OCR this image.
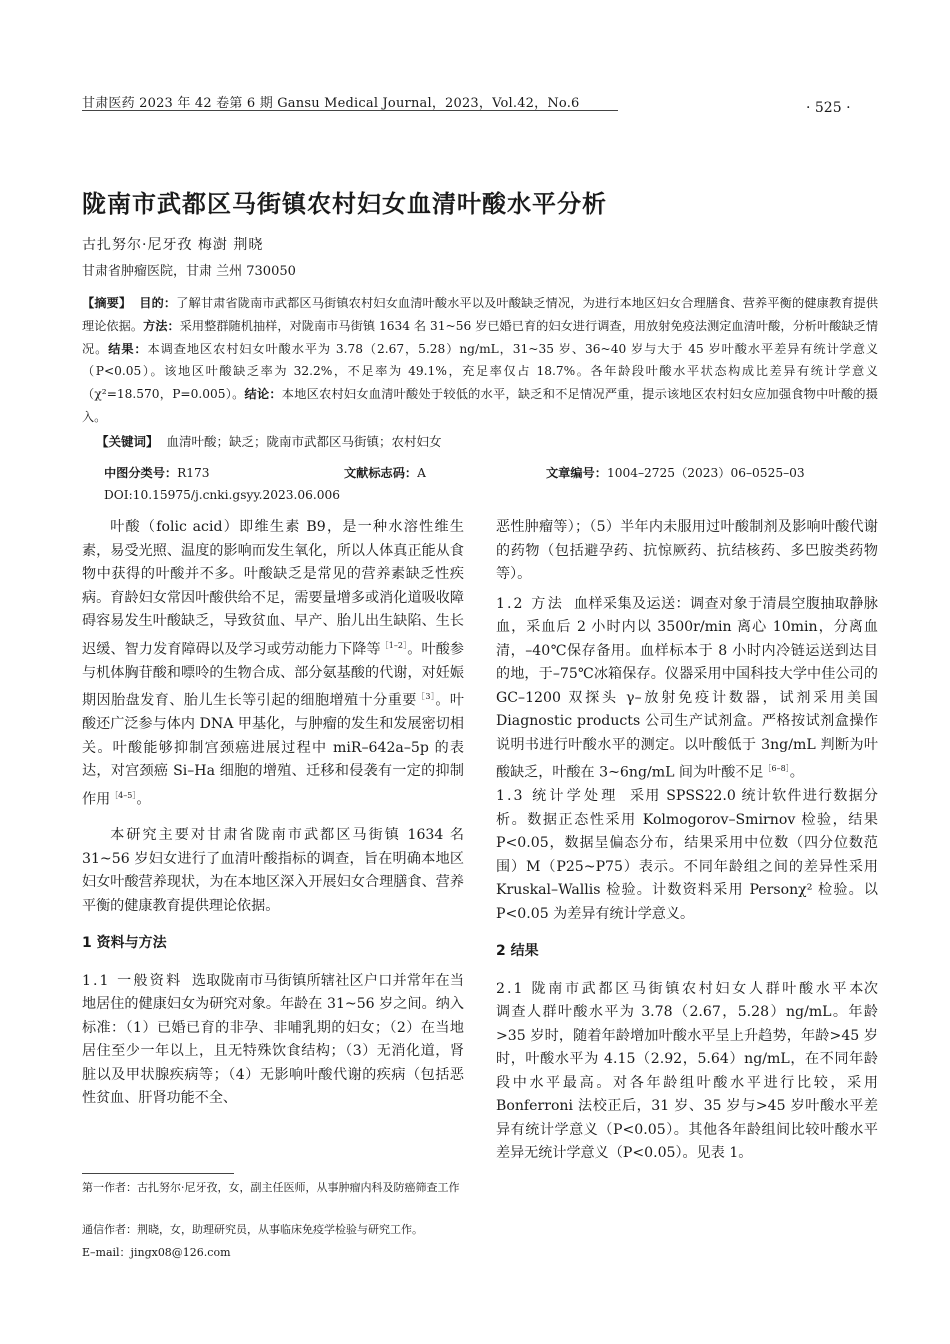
甘肃医药 2023 年 42 卷第 6 期 Gansu Medical Journal，2023，Vol.42，No.6	· 525 ·
陇南市武都区马街镇农村妇女血清叶酸水平分析
古扎努尔·尼牙孜 梅澍 荆晓
甘肃省肿瘤医院，甘肃 兰州 730050
【摘要】 目的：了解甘肃省陇南市武都区马街镇农村妇女血清叶酸水平以及叶酸缺乏情况，为进行本地区妇女合理膳食、营养平衡的健康教育提供理论依据。方法：采用整群随机抽样，对陇南市马街镇 1634 名 31~56 岁已婚已育的妇女进行调查，用放射免疫法测定血清叶酸，分析叶酸缺乏情况。结果：本调查地区农村妇女叶酸水平为 3.78（2.67，5.28）ng/mL，31~35 岁、36~40 岁与大于 45 岁叶酸水平差异有统计学意义（P<0.05）。该地区叶酸缺乏率为 32.2%，不足率为 49.1%，充足率仅占 18.7%。各年龄段叶酸水平状态构成比差异有统计学意义（χ²=18.570，P=0.005）。结论：本地区农村妇女血清叶酸处于较低的水平，缺乏和不足情况严重，提示该地区农村妇女应加强食物中叶酸的摄入。
【关键词】 血清叶酸；缺乏；陇南市武都区马街镇；农村妇女
中图分类号：R173	文献标志码：A	文章编号：1004–2725（2023）06–0525–03
DOI:10.15975/j.cnki.gsyy.2023.06.006

叶酸（folic acid）即维生素 B9，是一种水溶性维生素，易受光照、温度的影响而发生氧化，所以人体真正能从食物中获得的叶酸并不多。叶酸缺乏是常见的营养素缺乏性疾病。育龄妇女常因叶酸供给不足，需要量增多或消化道吸收障碍容易发生叶酸缺乏，导致贫血、早产、胎儿出生缺陷、生长迟缓、智力发育障碍以及学习或劳动能力下降等$^{[1-2]}$。叶酸参与机体胸苷酸和嘌呤的生物合成、部分氨基酸的代谢，对妊娠期因胎盘发育、胎儿生长等引起的细胞增殖十分重要$^{[3]}$。叶酸还广泛参与体内 DNA 甲基化，与肿瘤的发生和发展密切相关。叶酸能够抑制宫颈癌进展过程中 miR–642a–5p 的表达，对宫颈癌 Si–Ha 细胞的增殖、迁移和侵袭有一定的抑制作用$^{[4-5]}$。

本研究主要对甘肃省陇南市武都区马街镇 1634 名 31~56 岁妇女进行了血清叶酸指标的调查，旨在明确本地区妇女叶酸营养现状，为在本地区深入开展妇女合理膳食、营养平衡的健康教育提供理论依据。

1 资料与方法

1.1 一般资料 选取陇南市马街镇所辖社区户口并常年在当地居住的健康妇女为研究对象。年龄在 31~56 岁之间。纳入标准：（1）已婚已育的非孕、非哺乳期的妇女；（2）在当地居住至少一年以上，且无特殊饮食结构；（3）无消化道，肾脏以及甲状腺疾病等；（4）无影响叶酸代谢的疾病（包括恶性贫血、肝肾功能不全、

第一作者：古扎努尔·尼牙孜，女，副主任医师，从事肿瘤内科及防癌筛查工作
通信作者：荆晓，女，助理研究员，从事临床免疫学检验与研究工作。
E–mail：jingx08@126.com

恶性肿瘤等）；（5）半年内未服用过叶酸制剂及影响叶酸代谢的药物（包括避孕药、抗惊厥药、抗结核药、多巴胺类药物等）。

1.2 方法 血样采集及运送：调查对象于清晨空腹抽取静脉血，采血后 2 小时内以 3500r/min 离心 10min，分离血清，–40℃保存备用。血样标本于 8 小时内冷链运送到达目的地，于–75℃冰箱保存。仪器采用中国科技大学中佳公司的 GC–1200 双探头 γ–放射免疫计数器，试剂采用美国 Diagnostic products 公司生产试剂盒。严格按试剂盒操作说明书进行叶酸水平的测定。以叶酸低于 3ng/mL 判断为叶酸缺乏，叶酸在 3~6ng/mL 间为叶酸不足$^{[6-8]}$。

1.3 统计学处理 采用 SPSS22.0 统计软件进行数据分析。数据正态性采用 Kolmogorov–Smirnov 检验，结果 P<0.05，数据呈偏态分布，结果采用中位数（四分位数范围）M（P25~P75）表示。不同年龄组之间的差异性采用 Kruskal–Wallis 检验。计数资料采用 Personχ² 检验。以 P<0.05 为差异有统计学意义。

2 结果

2.1 陇南市武都区马街镇农村妇女人群叶酸水平本次调查人群叶酸水平为 3.78（2.67，5.28）ng/mL。年龄>35 岁时，随着年龄增加叶酸水平呈上升趋势，年龄>45 岁时，叶酸水平为 4.15（2.92，5.64）ng/mL，在不同年龄段中水平最高。对各年龄组叶酸水平进行比较，采用 Bonferroni 法校正后，31 岁、35 岁与>45 岁叶酸水平差异有统计学意义（P<0.05）。其他各年龄组间比较叶酸水平差异无统计学意义（P<0.05）。见表 1。
